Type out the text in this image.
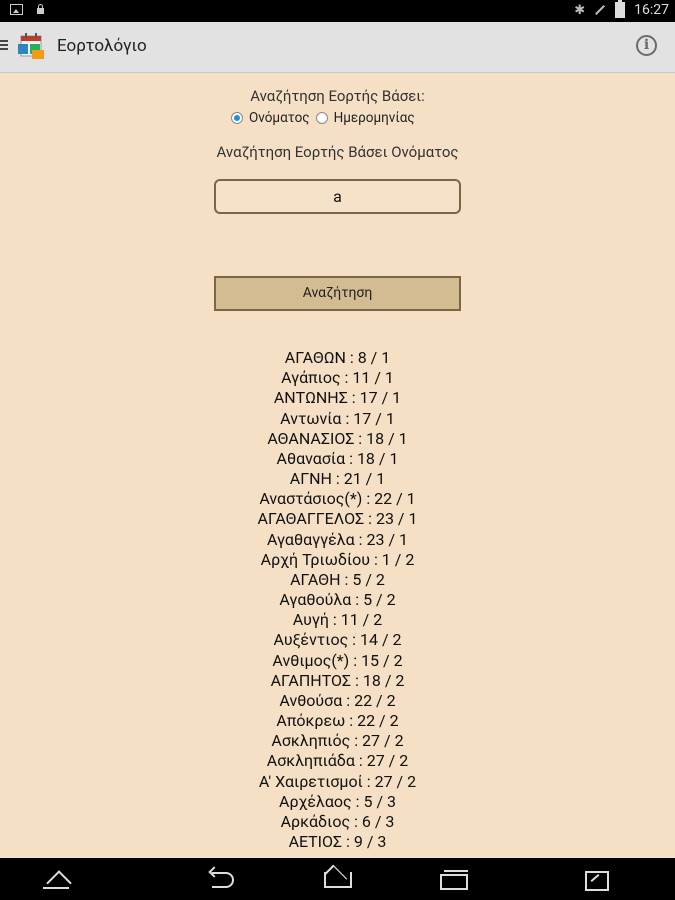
✱	16:27
Εορτολόγιο	i
Αναζήτηση Εορτής Βάσει:
Ονόματος Ημερομηνίας
Αναζήτηση Εορτής Βάσει Ονόματος
a
Αναζήτηση
ΑΓΑΘΩΝ : 8 / 1
Αγάπιος : 11 / 1
ΑΝΤΩΝΗΣ : 17 / 1
Αντωνία : 17 / 1
ΑΘΑΝΑΣΙΟΣ : 18 / 1
Αθανασία : 18 / 1
ΑΓΝΗ : 21 / 1
Αναστάσιος(*) : 22 / 1
ΑΓΑΘΑΓΓΕΛΟΣ : 23 / 1
Αγαθαγγέλα : 23 / 1
Αρχή Τριωδίου : 1 / 2
ΑΓΑΘΗ : 5 / 2
Αγαθούλα : 5 / 2
Αυγή : 11 / 2
Αυξέντιος : 14 / 2
Ανθιμος(*) : 15 / 2
ΑΓΑΠΗΤΟΣ : 18 / 2
Ανθούσα : 22 / 2
Απόκρεω : 22 / 2
Ασκληπιός : 27 / 2
Ασκληπιάδα : 27 / 2
Α' Χαιρετισμοί : 27 / 2
Αρχέλαος : 5 / 3
Αρκάδιος : 6 / 3
ΑΕΤΙΟΣ : 9 / 3
